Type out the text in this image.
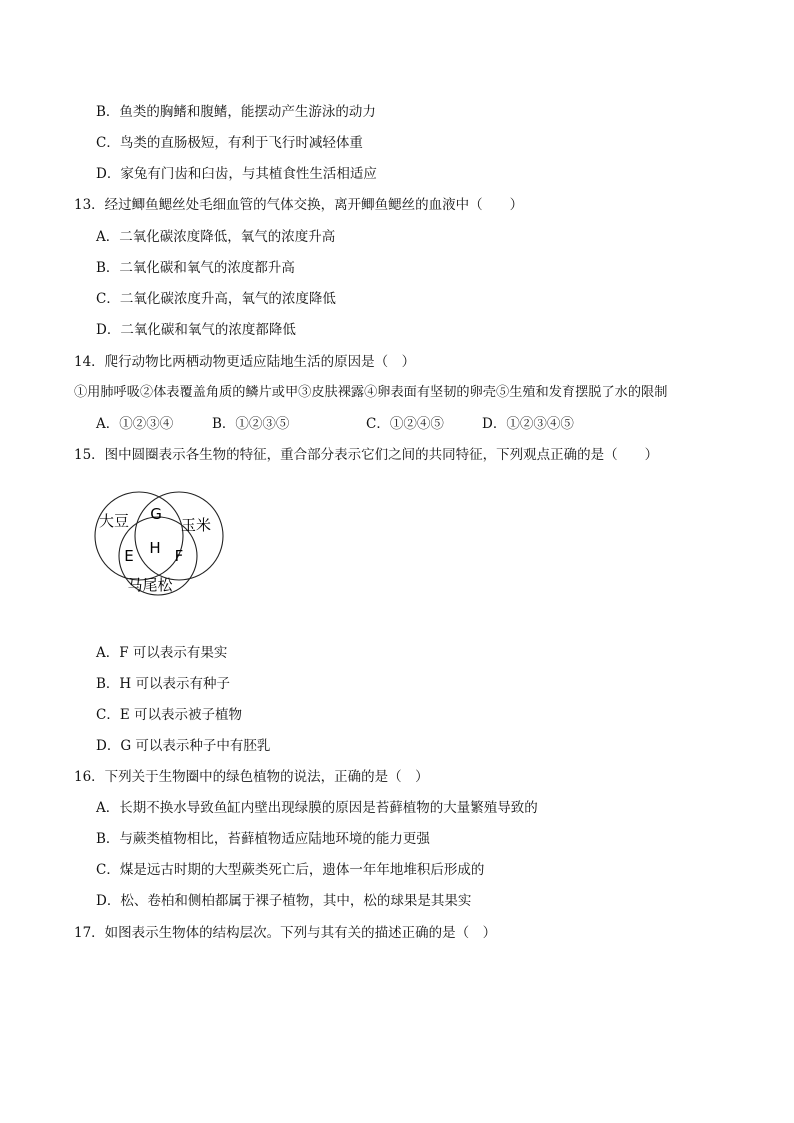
B．鱼类的胸鳍和腹鳍，能摆动产生游泳的动力
C．鸟类的直肠极短，有利于飞行时减轻体重
D．家兔有门齿和臼齿，与其植食性生活相适应
13．经过鲫鱼鳃丝处毛细血管的气体交换，离开鲫鱼鳃丝的血液中（　　）
A．二氧化碳浓度降低，氧气的浓度升高
B．二氧化碳和氧气的浓度都升高
C．二氧化碳浓度升高，氧气的浓度降低
D．二氧化碳和氧气的浓度都降低
14．爬行动物比两栖动物更适应陆地生活的原因是（　）
①用肺呼吸②体表覆盖角质的鳞片或甲③皮肤裸露④卵表面有坚韧的卵壳⑤生殖和发育摆脱了水的限制
A．①②③④	B．①②③⑤	C．①②④⑤	D．①②③④⑤
15．图中圆圈表示各生物的特征，重合部分表示它们之间的共同特征，下列观点正确的是（　　）
大豆	玉米
马尾松
G
E H F
A．F 可以表示有果实
B．H 可以表示有种子
C．E 可以表示被子植物
D．G 可以表示种子中有胚乳
16．下列关于生物圈中的绿色植物的说法，正确的是（　）
A．长期不换水导致鱼缸内壁出现绿膜的原因是苔藓植物的大量繁殖导致的
B．与蕨类植物相比，苔藓植物适应陆地环境的能力更强
C．煤是远古时期的大型蕨类死亡后，遗体一年年地堆积后形成的
D．松、卷柏和侧柏都属于裸子植物，其中，松的球果是其果实
17．如图表示生物体的结构层次。下列与其有关的描述正确的是（　）
